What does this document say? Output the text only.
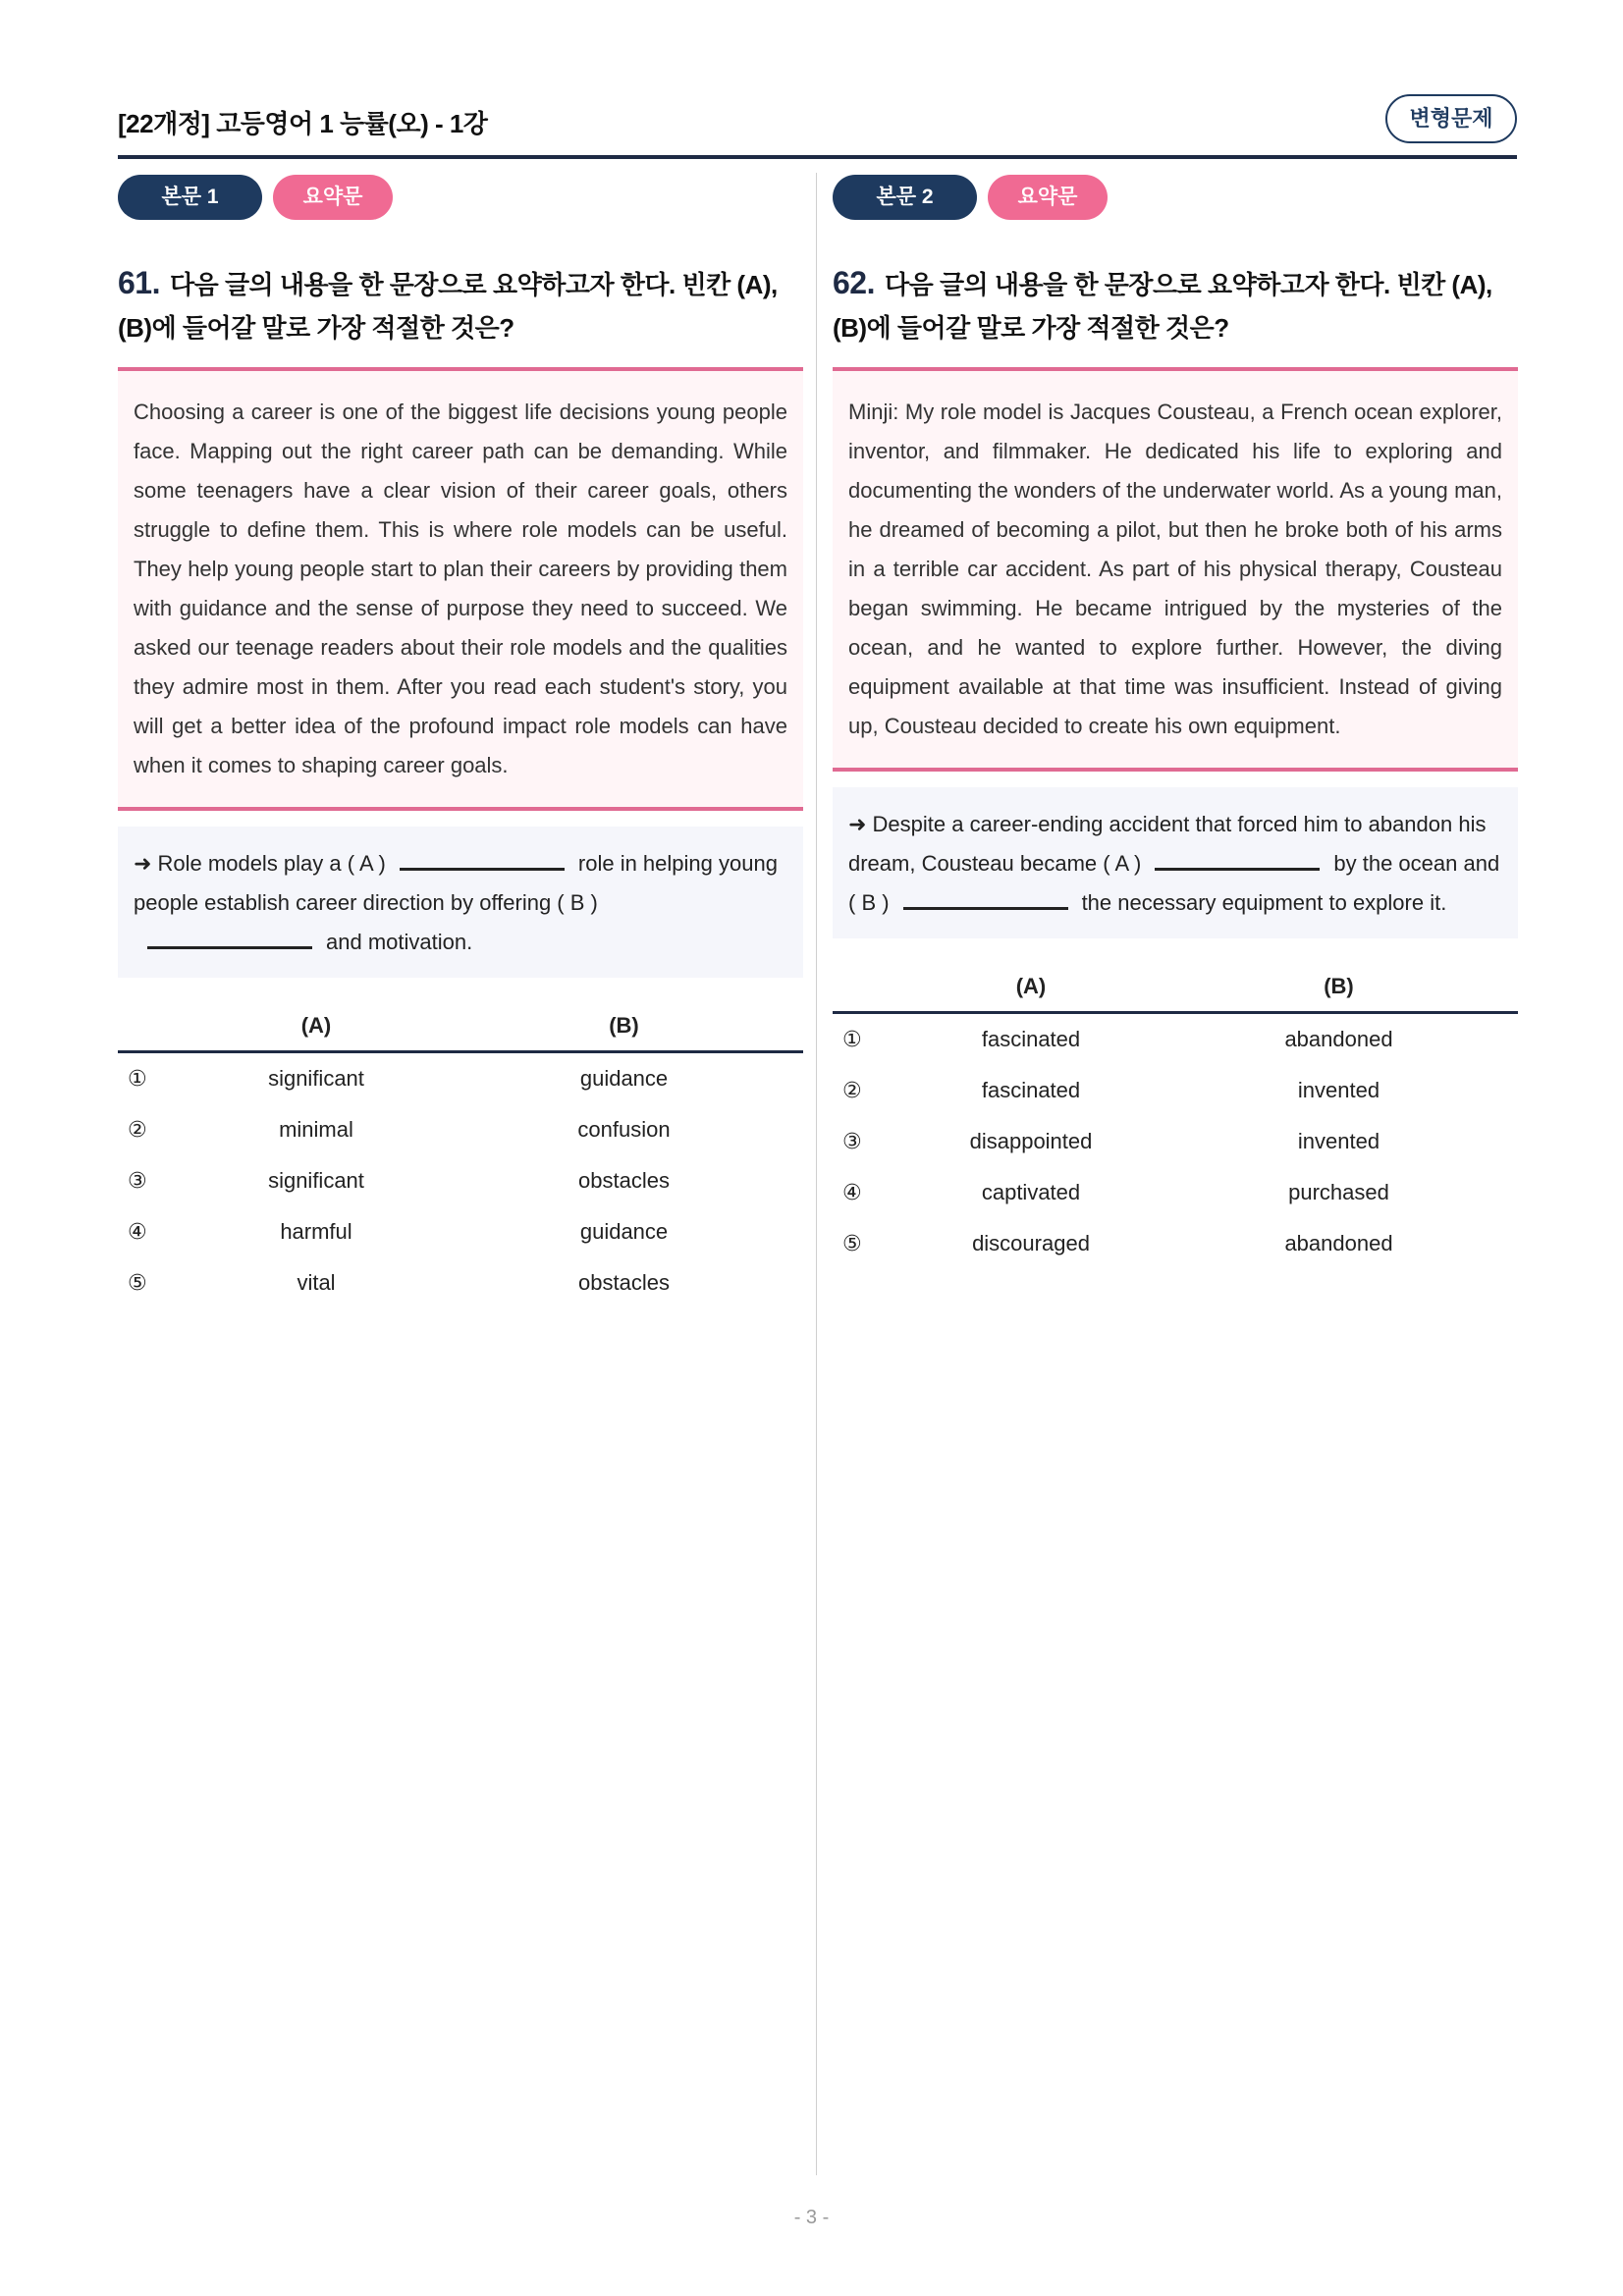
[22개정] 고등영어 1 능률(오) - 1강	변형문제
본문 1	요약문
61. 다음 글의 내용을 한 문장으로 요약하고자 한다. 빈칸 (A), (B)에 들어갈 말로 가장 적절한 것은?
Choosing a career is one of the biggest life decisions young people face. Mapping out the right career path can be demanding. While some teenagers have a clear vision of their career goals, others struggle to define them. This is where role models can be useful. They help young people start to plan their careers by providing them with guidance and the sense of purpose they need to succeed. We asked our teenage readers about their role models and the qualities they admire most in them. After you read each student's story, you will get a better idea of the profound impact role models can have when it comes to shaping career goals.
➜ Role models play a ( A )	role in helping young people establish career direction by offering ( B )and motivation.
	(A)	(B)
①	significant	guidance
②	minimal	confusion
③	significant	obstacles
④	harmful	guidance
⑤	vital	obstacles
본문 2	요약문
62. 다음 글의 내용을 한 문장으로 요약하고자 한다. 빈칸 (A), (B)에 들어갈 말로 가장 적절한 것은?
Minji: My role model is Jacques Cousteau, a French ocean explorer, inventor, and filmmaker. He dedicated his life to exploring and documenting the wonders of the underwater world. As a young man, he dreamed of becoming a pilot, but then he broke both of his arms in a terrible car accident. As part of his physical therapy, Cousteau began swimming. He became intrigued by the mysteries of the ocean, and he wanted to explore further. However, the diving equipment available at that time was insufficient. Instead of giving up, Cousteau decided to create his own equipment.
➜ Despite a career-ending accident that forced him to abandon his dream, Cousteau became ( A )	by the ocean and ( B )	the necessary equipment to explore it.
	(A)	(B)
①	fascinated	abandoned
②	fascinated	invented
③	disappointed	invented
④	captivated	purchased
⑤	discouraged	abandoned
- 3 -
